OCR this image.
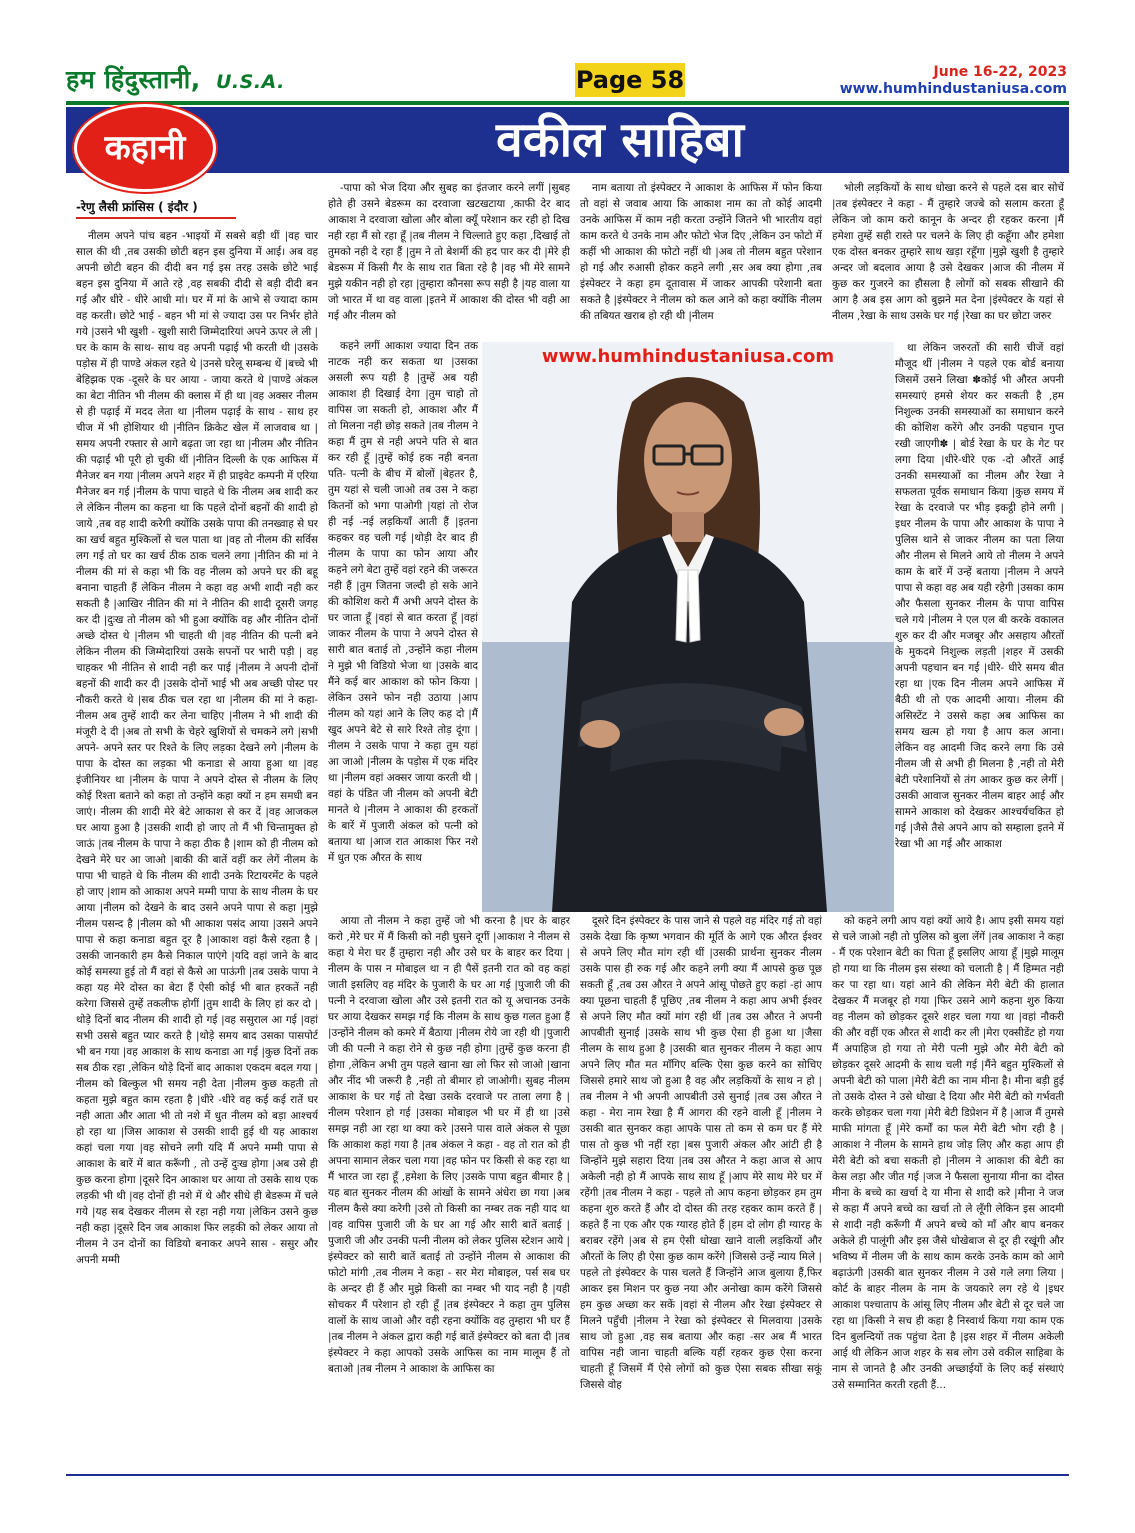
हम हिंदुस्तानी, U.S.A.	Page 58	June 16-22, 2023
www.humhindustaniusa.com
कहानी	वकील साहिबा
-रेणु लैसी फ्रांसिस ( इंदौर )

नीलम अपने पांच बहन -भाइयों में सबसे बड़ी थीं |वह चार साल की थी ,तब उसकी छोटी बहन इस दुनिया में आई। अब वह अपनी छोटी बहन की दीदी बन गई इस तरह उसके छोटे भाई बहन इस दुनिया में आते रहे ,वह सबकी दीदी से बड़ी दीदी बन गई और धीरे - धीरे आधी मां। घर में मां के आभे से ज्यादा काम वह करती। छोटे भाई - बहन भी मां से ज्यादा उस पर निर्भर होते गये |उसने भी खुशी - खुशी सारी जिम्मेदारियां अपने ऊपर ले ली |घर के काम के साथ- साथ वह अपनी पढ़ाई भी करती थी |उसके पड़ोस में ही पाण्डे अंकल रहते थे |उनसे घरेलू सम्बन्ध थें |बच्चे भी बेहिझक एक -दूसरे के घर आया - जाया करते थे |पाण्डे अंकल का बेटा नीतिन भी नीलम की क्लास में ही था |वह अक्सर नीलम से ही पढ़ाई में मदद लेता था |नीलम पढ़ाई के साथ - साथ हर चीज में भी होशियार थी |नीतिन क्रिकेट खेल में लाजवाब था |समय अपनी रफ्तार से आगे बढ़ता जा रहा था |नीलम और नीतिन की पढ़ाई भी पूरी हो चुकी थीं |नीतिन दिल्ली के एक आफिस में मैनेजर बन गया |नीलम अपने शहर में ही प्राइवेट कम्पनी में एरिया मैनेजर बन गई |नीलम के पापा चाहते थे कि नीलम अब शादी कर ले लेकिन नीलम का कहना था कि पहले दोनों बहनों की शादी हो जाये ,तब वह शादी करेगी क्योंकि उसके पापा की तनख्वाह से घर का खर्च बहुत मुश्किलों से चल पाता था |वह तो नीलम की सर्विस लग गई तो घर का खर्च ठीक ठाक चलने लगा |नीतिन की मां ने नीलम की मां से कहा भी कि वह नीलम को अपने घर की बहू बनाना चाहती हैं लेकिन नीलम ने कहा वह अभी शादी नही कर सकती है |आखिर नीतिन की मां ने नीतिन की शादी दूसरी जगह कर दी |दुःख तो नीलम को भी हुआ क्योंकि वह और नीतिन दोनों अच्छे दोस्त थे |नीलम भी चाहती थी |वह नीतिन की पत्नी बने लेकिन नीलम की जिम्मेदारियां उसके सपनों पर भारी पड़ी | वह चाहकर भी नीतिन से शादी नही कर पाई |नीलम ने अपनी दोनों बहनों की शादी कर दी |उसके दोनों भाई भी अब अच्छी पोस्ट पर नौकरी करते थे |सब ठीक चल रहा था |नीलम की मां ने कहा- नीलम अब तुम्हें शादी कर लेना चाहिए |नीलम ने भी शादी की मंजूरी दे दी |अब तो सभी के चेहरे खुशियों से चमकने लगे |सभी अपने- अपने स्तर पर रिश्ते के लिए लड़का देखने लगे |नीलम के पापा के दोस्त का लड़का भी कनाडा से आया हुआ था |वह इंजीनियर था |नीलम के पापा ने अपने दोस्त से नीलम के लिए कोई रिश्ता बताने को कहा तो उन्होंने कहा क्यों न हम समधी बन जाएं। नीलम की शादी मेरे बेटे आकाश से कर दें |वह आजकल घर आया हुआ है |उसकी शादी हो जाए तो मैं भी चिन्तामुक्त हो जाऊं |तब नीलम के पापा ने कहा ठीक है |शाम को ही नीलम को देखने मेरे घर आ जाओ |बाकी की बातें वहीं कर लेगें नीलम के पापा भी चाहते थे कि नीलम की शादी उनके रिटायरमेंट के पहले हो जाए |शाम को आकाश अपने मम्मी पापा के साथ नीलम के घर आया |नीलम को देखने के बाद उसने अपने पापा से कहा |मुझे नीलम पसन्द है |नीलम को भी आकाश पसंद आया |उसने अपने पापा से कहा कनाडा बहुत दूर है |आकाश वहां कैसे रहता है |उसकी जानकारी हम कैसे निकाल पाएंगे |यदि वहां जाने के बाद कोई समस्या हुई तो मैं वहां से कैसे आ पाऊंगी |तब उसके पापा ने कहा यह मेरे दोस्त का बेटा हैं ऐसी कोई भी बात हरकतें नही करेगा जिससे तुम्हें तकलीफ होगीं |तुम शादी के लिए हां कर दो |थोड़े दिनों बाद नीलम की शादी हो गई |वह ससुराल आ गई |वहां सभी उससे बहुत प्यार करते है |थोड़े समय बाद उसका पासपोर्ट भी बन गया |वह आकाश के साथ कनाडा आ गई |कुछ दिनों तक सब ठीक रहा ,लेकिन थोड़े दिनों बाद आकाश एकदम बदल गया |नीलम को बिल्कुल भी समय नही देता |नीलम कुछ कहती तो कहता मुझे बहुत काम रहता है |धीरे -धीरे वह कई कई रातें घर नही आता और आता भी तो नशे में धुत नीलम को बड़ा आश्चर्य हो रहा था |जिस आकाश से उसकी शादी हुई थी यह आकाश कहां चला गया |वह सोचने लगी यदि मैं अपने मम्मी पापा से आकाश के बारें में बात करूँगी , तो उन्हें दुःख होगा |अब उसे ही कुछ करना होगा |दूसरे दिन आकाश घर आया तो उसके साथ एक लड़की भी थी |वह दोनों ही नशे में थे और सीधे ही बेडरूम में चले गये |यह सब देखकर नीलम से रहा नही गया |लेकिन उसने कुछ नही कहा |दूसरे दिन जब आकाश फिर लड़की को लेकर आया तो नीलम ने उन दोनों का विडियो बनाकर अपने सास - ससुर और अपनी मम्मी

-पापा को भेज दिया और सुबह का इंतजार करने लगीं |सुबह होते ही उसने बेडरूम का दरवाजा खटखटाया ,काफी देर बाद आकाश ने दरवाजा खोला और बोला क्यूँ परेशान कर रही हो दिख नही रहा मैं सो रहा हूँ |तब नीलम ने चिल्लाते हुए कहा ,दिखाई तो तुमको नही दे रहा हैं |तुम ने तो बेशर्मी की हद पार कर दी |मेरे ही बेडरूम में किसी गैर के साथ रात बिता रहे है |वह भी मेरे सामने मुझे यकीन नही हो रहा |तुम्हारा कौनसा रूप सही है |यह वाला या जो भारत में था वह वाला |इतने में आकाश की दोस्त भी वही आ गई और नीलम को

कहने लगीं आकाश ज्यादा दिन तक नाटक नही कर सकता था |उसका असली रूप यही है |तुम्हें अब यही आकाश ही दिखाई देगा |तुम चाहो तो वापिस जा सकती हो, आकाश और मैं तो मिलना नही छोड़ सकते |तब नीलम ने कहा मैं तुम से नही अपने पति से बात कर रही हूँ |तुम्हें कोई हक नही बनता पति- पत्नी के बीच में बोलों |बेहतर है, तुम यहां से चली जाओ तब उस ने कहा कितनों को भगा पाओगी |यहां तो रोज ही नई -नई लड़कियाँ आती हैं |इतना कहकर वह चली गई |थोड़ी देर बाद ही नीलम के पापा का फोन आया और कहने लगे बेटा तुम्हें वहां रहने की जरूरत नही हैं |तुम जितना जल्दी हो सके आने की कोशिश करो मैं अभी अपने दोस्त के घर जाता हूँ |वहां से बात करता हूँ |वहां जाकर नीलम के पापा ने अपने दोस्त से सारी बात बताई तो ,उन्होंने कहा नीलम ने मुझे भी विडियो भेजा था |उसके बाद मैंने कई बार आकाश को फोन किया |लेकिन उसने फोन नही उठाया |आप नीलम को यहां आने के लिए कह दो |मैं खुद अपने बेटे से सारे रिश्ते तोड़ दूंगा |नीलम ने उसके पापा ने कहा तुम यहां आ जाओ |नीलम के पड़ोस में एक मंदिर था |नीलम वहां अक्सर जाया करती थी |वहां के पंडित जी नीलम को अपनी बेटी मानते थे |नीलम ने आकाश की हरकतों के बारें में पुजारी अंकल को पत्नी को बताया था |आज रात आकाश फिर नशे में धुत एक औरत के साथ

आया तो नीलम ने कहा तुम्हें जो भी करना है |घर के बाहर करो ,मेरे घर में मैं किसी को नही घुसने दूगीं |आकाश ने नीलम से कहा ये मेरा घर हैं तुम्हारा नही और उसे घर के बाहर कर दिया |नीलम के पास न मोबाइल था न ही पैसें इतनी रात को वह कहां जाती इसलिए वह मंदिर के पुजारी के घर आ गई |पुजारी जी की पत्नी ने दरवाजा खोला और उसे इतनी रात को यू अचानक उनके घर आया देखकर समझ गई कि नीलम के साथ कुछ गलत हुआ हैं |उन्होंने नीलम को कमरे में बैठाया |नीलम रोये जा रही थी |पुजारी जी की पत्नी ने कहा रोने से कुछ नही होगा |तुम्हें कुछ करना ही होगा ,लेकिन अभी तुम पहले खाना खा लो फिर सो जाओ |खाना और नींद भी जरूरी है ,नही तो बीमार हो जाओगी। सुबह नीलम आकाश के घर गई तो देखा उसके दरवाजे पर ताला लगा है |नीलम परेशान हो गई |उसका मोबाइल भी घर में ही था |उसे समझ नही आ रहा था क्या करे |उसने पास वाले अंकल से पूछा कि आकाश कहां गया है |तब अंकल ने कहा - वह तो रात को ही अपना सामान लेकर चला गया |वह फोन पर किसी से कह रहा था मैं भारत जा रहा हूँ ,हमेशा के लिए |उसके पापा बहुत बीमार है |यह बात सुनकर नीलम की आंखों के सामने अंधेरा छा गया |अब नीलम कैसे क्या करेगी |उसे तो किसी का नम्बर तक नही याद था |वह वापिस पुजारी जी के घर आ गई और सारी बातें बताई |पुजारी जी और उनकी पत्नी नीलम को लेकर पुलिस स्टेशन आये |इंस्पेक्टर को सारी बातें बताई तो उन्होंने नीलम से आकाश की फोटो मांगी ,तब नीलम ने कहा - सर मेरा मोबाइल, पर्स सब घर के अन्दर ही हैं और मुझे किसी का नम्बर भी याद नही है |यही सोचकर मैं परेशान हो रही हूँ |तब इंस्पेक्टर ने कहा तुम पुलिस वालों के साथ जाओ और वही रहना क्योंकि वह तुम्हारा भी घर हैं |तब नीलम ने अंकल द्वारा कही गई बातें इंस्पेक्टर को बता दी |तब इंस्पेक्टर ने कहा आपको उसके आफिस का नाम मालूम हैं तो बताओ |तब नीलम ने आकाश के आफिस का

नाम बताया तो इंस्पेक्टर ने आकाश के आफिस में फोन किया तो वहां से जवाब आया कि आकाश नाम का तो कोई आदमी उनके आफिस में काम नही करता उन्होंने जितने भी भारतीय वहां काम करते थे उनके नाम और फोटो भेज दिए ,लेकिन उन फोटो में कहीं भी आकाश की फोटो नहीं थी |अब तो नीलम बहुत परेशान हो गई और रुआसी होकर कहने लगी ,सर अब क्या होगा ,तब इंस्पेक्टर ने कहा हम दूतावास में जाकर आपकी परेशानी बता सकते है |इंस्पेक्टर ने नीलम को कल आने को कहा क्योंकि नीलम की तबियत खराब हो रही थी |नीलम

दूसरे दिन इंस्पेक्टर के पास जाने से पहले वह मंदिर गई तो वहां उसके देखा कि कृष्ण भगवान की मूर्ति के आगे एक औरत ईश्वर से अपने लिए मौत मांग रही थीं |उसकी प्रार्थना सुनकर नीलम उसके पास ही रुक गई और कहने लगी क्या मैं आपसे कुछ पूछ सकती हूँ ,तब उस औरत ने अपने आंसू पोछते हुए कहां -हां आप क्या पूछना चाहती हैं पूछिए ,तब नीलम ने कहा आप अभी ईश्वर से अपने लिए मौत क्यों मांग रही थीं |तब उस औरत ने अपनी आपबीती सुनाई |उसके साथ भी कुछ ऐसा ही हुआ था |जैसा नीलम के साथ हुआ है |उसकी बात सुनकर नीलम ने कहा आप अपने लिए मौत मत माँगिए बल्कि ऐसा कुछ करने का सोचिए जिससे हमारे साथ जो हुआ है वह और लड़कियों के साथ न हो |तब नीलम ने भी अपनी आपबीती उसे सुनाई |तब उस औरत ने कहा - मेरा नाम रेखा है मैं आगरा की रहने वाली हूँ |नीलम ने उसकी बात सुनकर कहा आपके पास तो कम से कम घर हैं मेरे पास तो कुछ भी नहीं रहा |बस पुजारी अंकल और आंटी ही है जिन्होंने मुझे सहारा दिया |तब उस औरत ने कहा आज से आप अकेली नही हो मैं आपके साथ साथ हूँ |आप मेरे साथ मेरे घर में रहेंगी |तब नीलम ने कहा - पहले तो आप कहना छोड़कर हम तुम कहना शुरु करते हैं और दो दोस्त की तरह रहकर काम करते हैं |कहते हैं ना एक और एक ग्यारह होते हैं |हम दो लोग ही ग्यारह के बराबर रहेंगे |अब से हम ऐसी धोखा खाने वाली लड़कियों और औरतों के लिए ही ऐसा कुछ काम करेंगे |जिससे उन्हें न्याय मिले |पहले तो इंस्पेक्टर के पास चलते हैं जिन्होंने आज बुलाया हैं,फिर आकर इस मिशन पर कुछ नया और अनोखा काम करेंगे जिससे हम कुछ अच्छा कर सकें |वहां से नीलम और रेखा इंस्पेक्टर से मिलने पहुँची |नीलम ने रेखा को इंस्पेक्टर से मिलवाया |उसके साथ जो हुआ ,वह सब बताया और कहा -सर अब मैं भारत वापिस नही जाना चाहती बल्कि यहीं रहकर कुछ ऐसा करना चाहती हूँ जिसमें मैं ऐसे लोगों को कुछ ऐसा सबक सीखा सकूं जिससे वोह

भोली लड़कियों के साथ धोखा करने से पहले दस बार सोचें |तब इंस्पेक्टर ने कहा - मैं तुम्हारे जज्बे को सलाम करता हूँ लेकिन जो काम करो कानून के अन्दर ही रहकर करना |मैं हमेशा तुम्हें सही रास्ते पर चलने के लिए ही कहूँगा और हमेशा एक दोस्त बनकर तुम्हारे साथ खड़ा रहूँगा |मुझे खुशी है तुम्हारे अन्दर जो बदलाव आया है उसे देखकर |आज की नीलम में कुछ कर गुजरने का हौसला है लोगों को सबक सीखाने की आग है अब इस आग को बुझने मत देना |इंस्पेक्टर के यहां से नीलम ,रेखा के साथ उसके घर गई |रेखा का घर छोटा जरुर

था लेकिन जरुरतों की सारी चीजें वहां मौजूद थीं |नीलम ने पहले एक बोर्ड बनाया जिसमें उसने लिखा ✽कोई भी औरत अपनी समस्याएं हमसे शेयर कर सकती है ,हम निशुल्क उनकी समस्याओं का समाधान करने की कोशिश करेंगे और उनकी पहचान गुप्त रखी जाएगी✽ | बोर्ड रेखा के घर के गेट पर लगा दिया |धीरे-धीरे एक -दो औरतें आई उनकी समस्याओं का नीलम और रेखा ने सफलता पूर्वक समाधान किया |कुछ समय में रेखा के दरवाजे पर भीड़ इकट्ठी होने लगी |इधर नीलम के पापा और आकाश के पापा ने पुलिस थाने से जाकर नीलम का पता लिया और नीलम से मिलने आये तो नीलम ने अपने काम के बारें में उन्हें बताया |नीलम ने अपने पापा से कहा वह अब यही रहेगी |उसका काम और फैसला सुनकर नीलम के पापा वापिस चले गये |नीलम ने एल एल बी करके वकालत शुरु कर दी और मजबूर और असहाय औरतों के मुकदमे निशुल्क लड़ती |शहर में उसकी अपनी पहचान बन गई |धीरे- धीरे समय बीत रहा था |एक दिन नीलम अपने आफिस में बैठी थी तो एक आदमी आया। नीलम की असिस्टेंट ने उससे कहा अब आफिस का समय खत्म हो गया है आप कल आना। लेकिन वह आदमी जिद करने लगा कि उसे नीलम जी से अभी ही मिलना है ,नही तो मेरी बेटी परेशानियों से तंग आकर कुछ कर लेगीं |उसकी आवाज सुनकर नीलम बाहर आई और सामने आकाश को देखकर आश्चर्यचकित हो गई |जैसे तैसे अपने आप को सम्हाला इतने में रेखा भी आ गई और आकाश

को कहने लगी आप यहां क्यों आये है। आप इसी समय यहां से चले जाओ नही तो पुलिस को बुला लेंगें |तब आकाश ने कहा - मैं एक परेशान बेटी का पिता हूँ इसलिए आया हूँ |मुझे मालूम हो गया था कि नीलम इस संस्था को चलाती है | मैं हिम्मत नही कर पा रहा था। यहां आने की लेकिन मेरी बेटी की हालात देखकर मैं मजबूर हो गया |फिर उसने आगे कहना शुरु किया वह नीलम को छोड़कर दूसरे शहर चला गया था |वहां नौकरी की और वहीं एक औरत से शादी कर ली |मेरा एक्सीडेंट हो गया मैं अपाहिज हो गया तो मेरी पत्नी मुझे और मेरी बेटी को छोड़कर दूसरे आदमी के साथ चली गई |मैंने बहुत मुश्किलों से अपनी बेटी को पाला |मेरी बेटी का नाम मीना है। मीना बड़ी हुई तो उसके दोस्त ने उसे धोखा दे दिया और मेरी बेटी को गर्भवती करके छोड़कर चला गया |मेरी बेटी डिप्रेशन में है |आज मैं तुमसे माफी मांगता हूँ |मेरे कर्मों का फल मेरी बेटी भोग रही है |आकाश ने नीलम के सामने हाथ जोड़ लिए और कहा आप ही मेरी बेटी को बचा सकती हो |नीलम ने आकाश की बेटी का केस लड़ा और जीत गई |जज ने फैसला सुनाया मीना का दोस्त मीना के बच्चे का खर्चा दे या मीना से शादी करे |मीना ने जज से कहा मैं अपने बच्चे का खर्चा तो ले लूँगी लेकिन इस आदमी से शादी नही करूँगी मैं अपने बच्चे को माँ और बाप बनकर अकेले ही पालूंगी और इस जैसे धोखेबाज से दूर ही रखूंगी और भविष्य में नीलम जी के साथ काम करके उनके काम को आगे बढ़ाऊंगी |उसकी बात सुनकर नीलम ने उसे गले लगा लिया |कोर्ट के बाहर नीलम के नाम के जयकारे लग रहे थे |इधर आकाश पश्चाताप के आंसू लिए नीलम और बेटी से दूर चले जा रहा था |किसी ने सच ही कहा है निस्वार्थ किया गया काम एक दिन बुलन्दियों तक पहुंचा देता है |इस शहर में नीलम अकेली आई थी लेकिन आज शहर के सब लोग उसे वकील साहिबा के नाम से जानते है और उनकी अच्छाईयों के लिए कई संस्थाएं उसे सम्मानित करती रहती हैं...

www.humhindustaniusa.com
